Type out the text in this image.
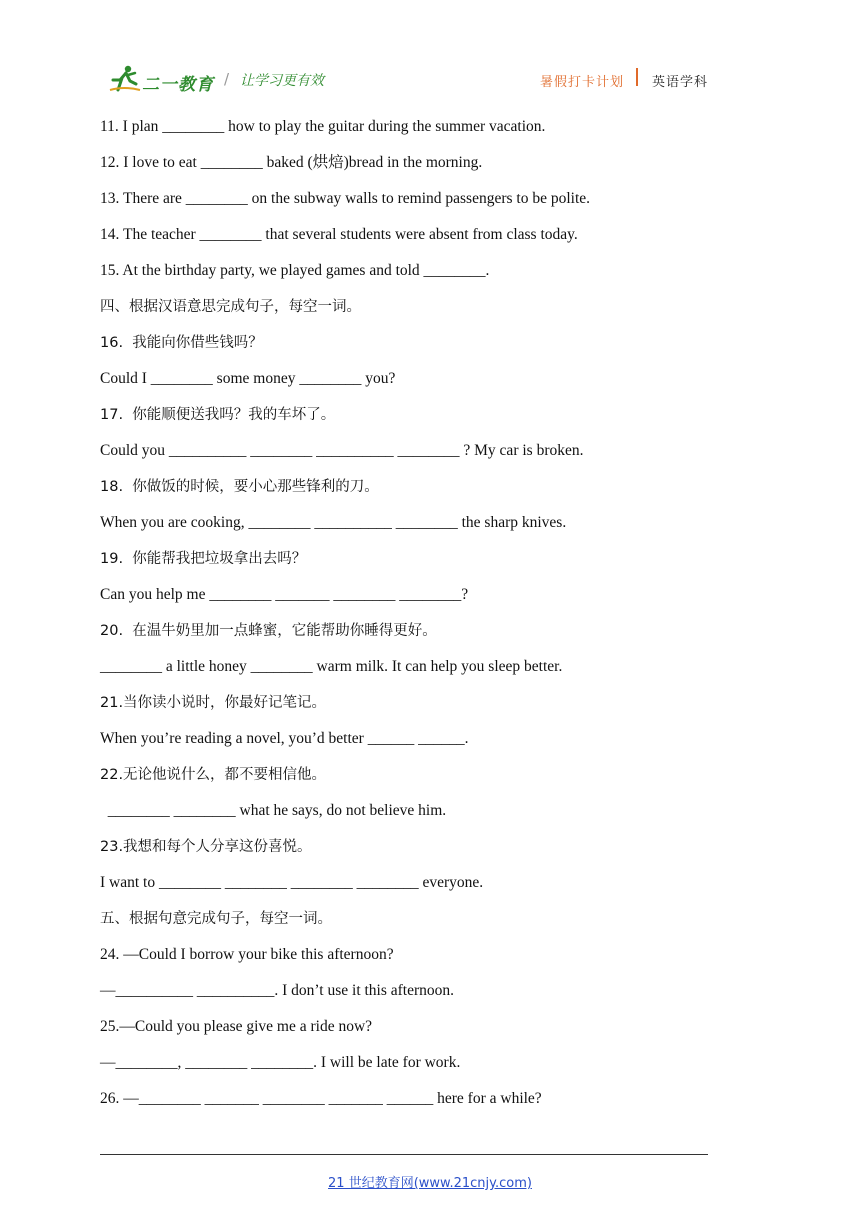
二一教育 / 让学习更有效	暑假打卡计划 英语学科
11. I plan ________ how to play the guitar during the summer vacation.
12. I love to eat ________ baked (烘焙)bread in the morning.
13. There are ________ on the subway walls to remind passengers to be polite.
14. The teacher ________ that several students were absent from class today.
15. At the birthday party, we played games and told ________.
四、根据汉语意思完成句子，每空一词。
16.  我能向你借些钱吗？
Could I ________ some money ________ you?
17.  你能顺便送我吗？我的车坏了。
Could you __________ ________ __________ ________ ? My car is broken.
18.  你做饭的时候，要小心那些锋利的刀。
When you are cooking, ________ __________ ________ the sharp knives.
19.  你能帮我把垃圾拿出去吗？
Can you help me ________ _______ ________ ________?
20.  在温牛奶里加一点蜂蜜，它能帮助你睡得更好。
________ a little honey ________ warm milk. It can help you sleep better.
21.当你读小说时，你最好记笔记。
When you’re reading a novel, you’d better ______ ______.
22.无论他说什么，都不要相信他。
________ ________ what he says, do not believe him.
23.我想和每个人分享这份喜悦。
I want to ________ ________ ________ ________ everyone.
五、根据句意完成句子，每空一词。
24. —Could I borrow your bike this afternoon?
—__________ __________. I don’t use it this afternoon.
25.—Could you please give me a ride now?
—________, ________ ________. I will be late for work.
26. —________ _______ ________ _______ ______ here for a while?
21 世纪教育网(www.21cnjy.com)
